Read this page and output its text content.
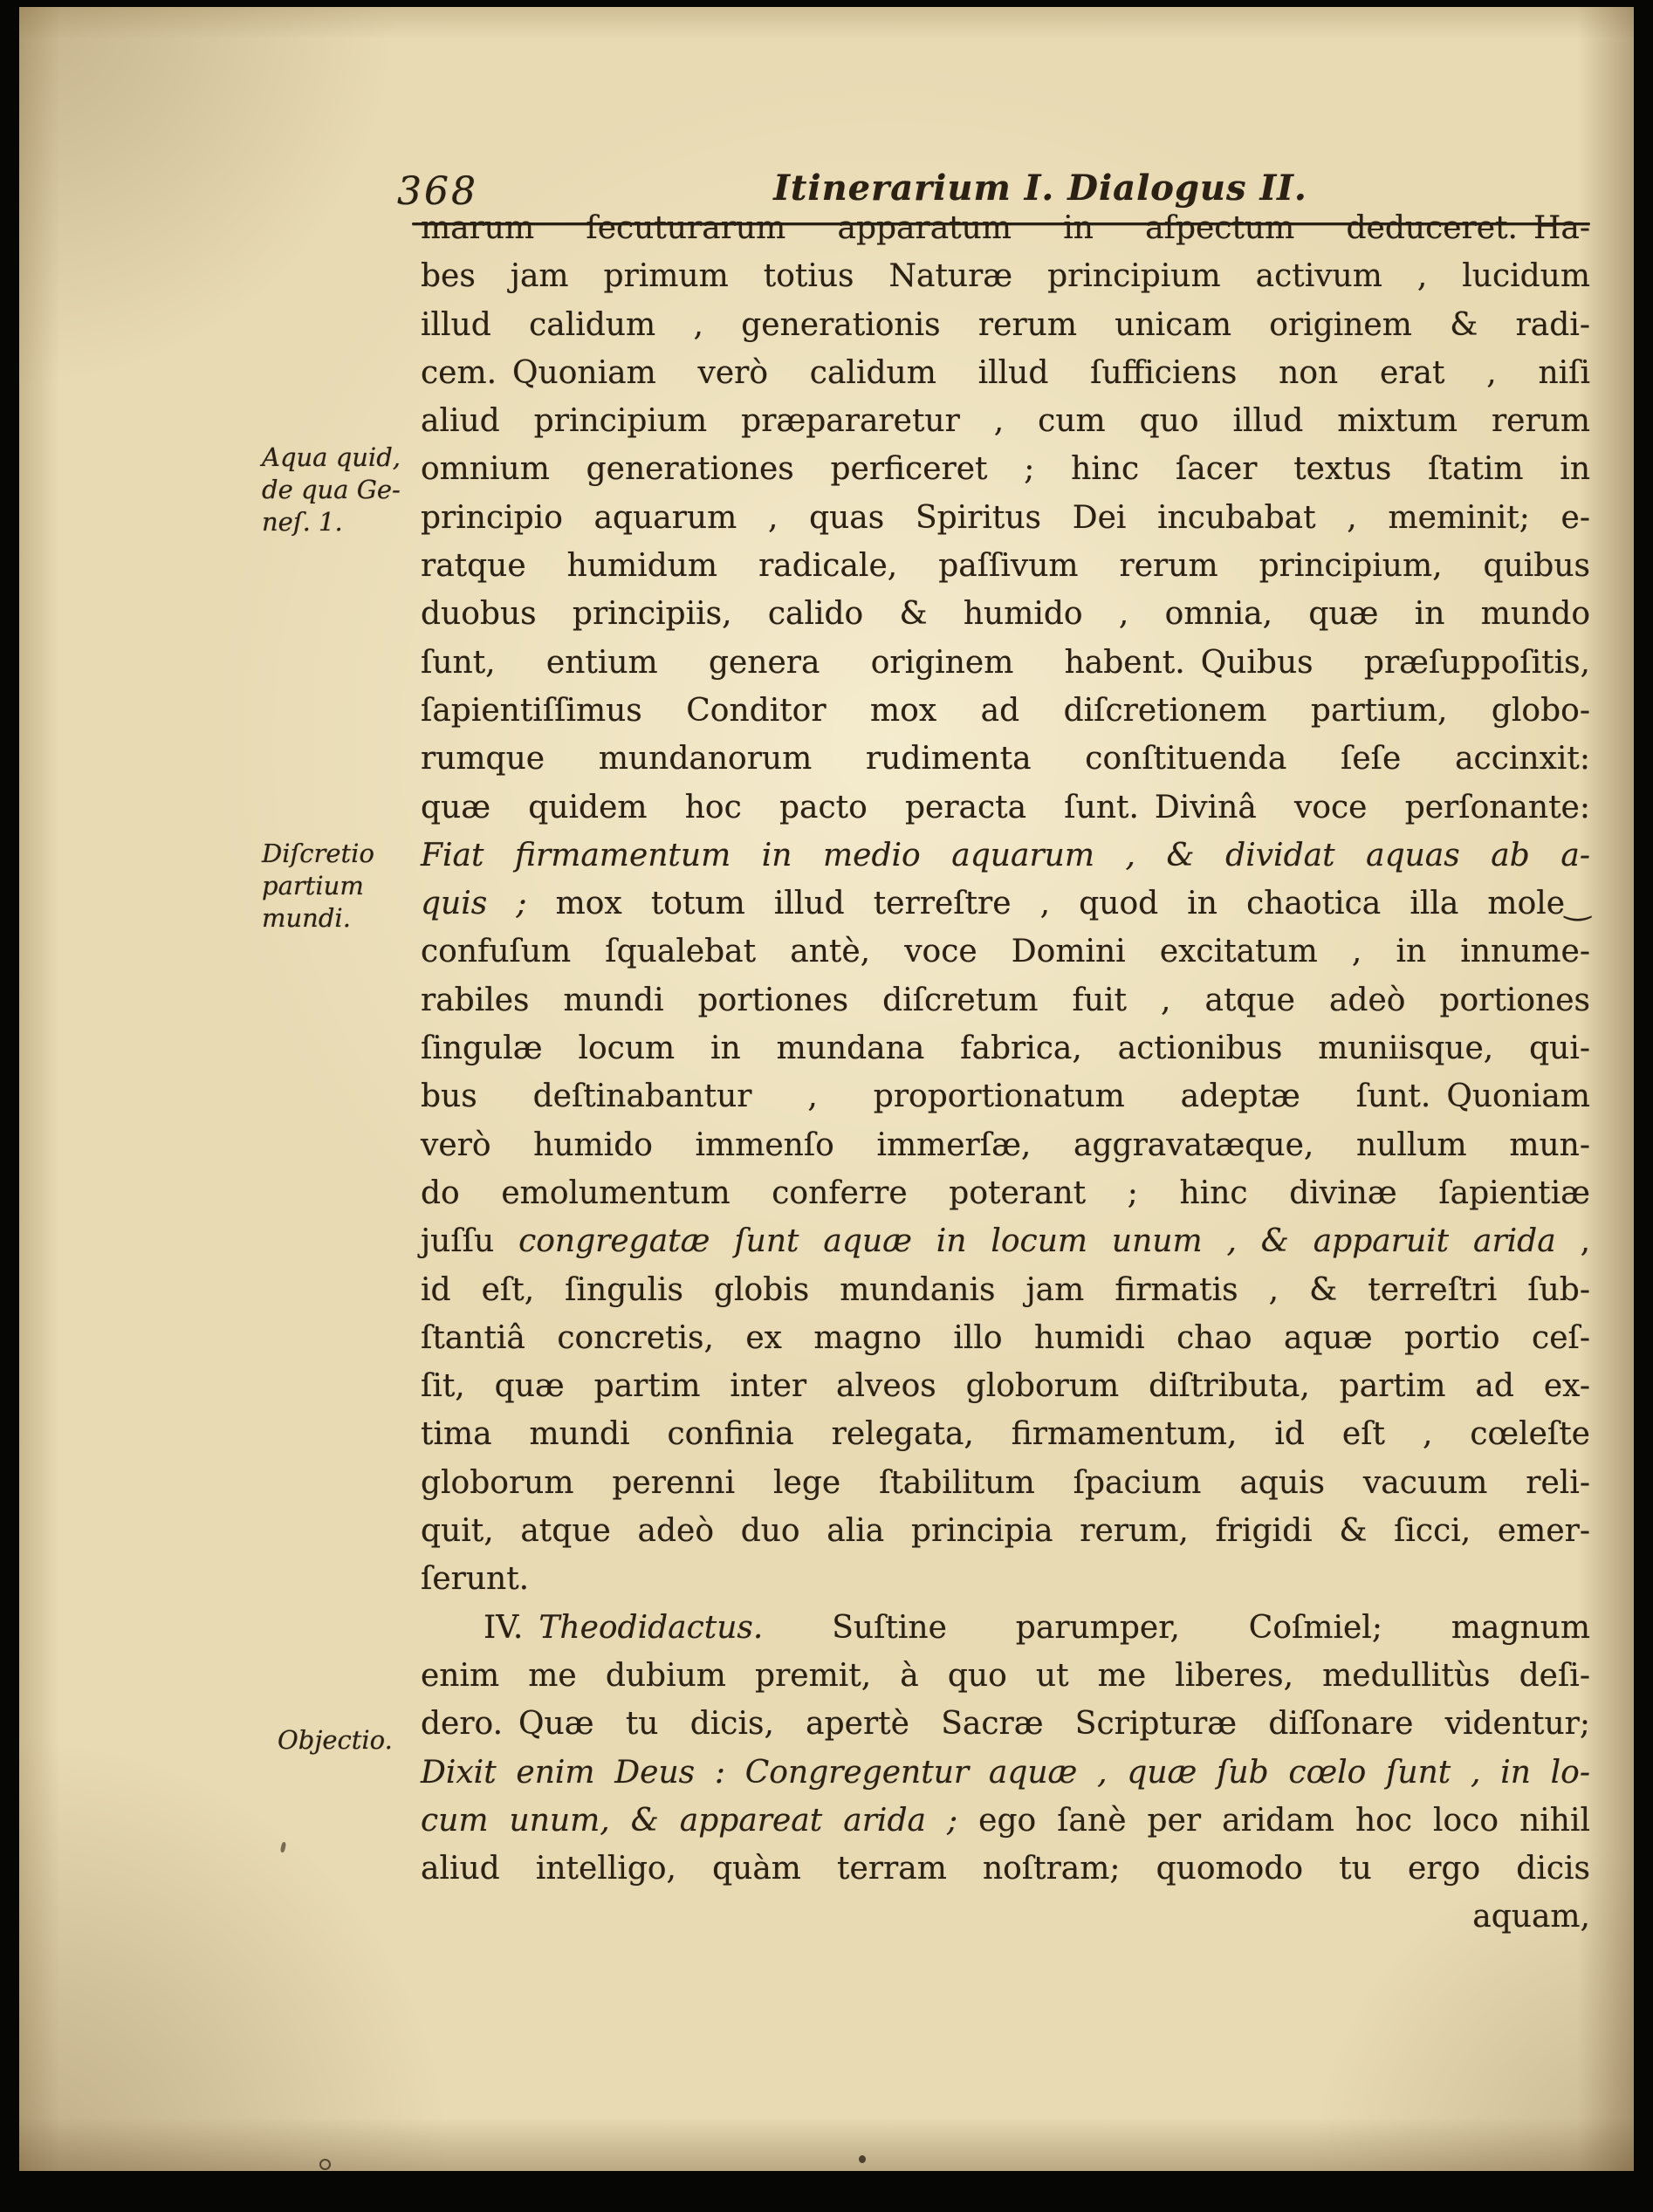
368	Itinerarium I. Dialogus II.
Aqua quid,
de qua Ge-
neſ. 1.
Diſcretio
partium
mundi.
Objectio.
marum ſecuturarum apparatum in aſpectum deduceret. Ha-
bes jam primum totius Naturæ principium activum , lucidum
illud calidum , generationis rerum unicam originem & radi-
cem. Quoniam verò calidum illud ſufficiens non erat , niſi
aliud principium præpararetur , cum quo illud mixtum rerum
omnium generationes perficeret ; hinc ſacer textus ſtatim in
principio aquarum , quas Spiritus Dei incubabat , meminit; e-
ratque humidum radicale, paſſivum rerum principium, quibus
duobus principiis, calido & humido , omnia, quæ in mundo
ſunt, entium genera originem habent. Quibus præſuppoſitis,
ſapientiſſimus Conditor mox ad diſcretionem partium, globo-
rumque mundanorum rudimenta conſtituenda ſeſe accinxit:
quæ quidem hoc pacto peracta ſunt. Divinâ voce perſonante:
Fiat firmamentum in medio aquarum , & dividat aquas ab a-
quis ; mox totum illud terreſtre , quod in chaotica illa mole‿
confuſum ſqualebat antè, voce Domini excitatum , in innume-
rabiles mundi portiones diſcretum fuit , atque adeò portiones
ſingulæ locum in mundana fabrica, actionibus muniisque, qui-
bus deſtinabantur , proportionatum adeptæ ſunt. Quoniam
verò humido immenſo immerſæ, aggravatæque, nullum mun-
do emolumentum conferre poterant ; hinc divinæ ſapientiæ
juſſu congregatæ ſunt aquæ in locum unum , & apparuit arida ,
id eſt, ſingulis globis mundanis jam firmatis , & terreſtri ſub-
ſtantiâ concretis, ex magno illo humidi chao aquæ portio ceſ-
ſit, quæ partim inter alveos globorum diſtributa, partim ad ex-
tima mundi confinia relegata, firmamentum, id eſt , cœleſte
globorum perenni lege ſtabilitum ſpacium aquis vacuum reli-
quit, atque adeò duo alia principia rerum, frigidi & ſicci, emer-
ſerunt.
IV. Theodidactus. Suſtine parumper, Coſmiel; magnum
enim me dubium premit, à quo ut me liberes, medullitùs deſi-
dero. Quæ tu dicis, apertè Sacræ Scripturæ diſſonare videntur;
Dixit enim Deus : Congregentur aquæ , quæ ſub cœlo ſunt , in lo-
cum unum, & appareat arida ; ego ſanè per aridam hoc loco nihil
aliud intelligo, quàm terram noſtram; quomodo tu ergo dicis
aquam,
